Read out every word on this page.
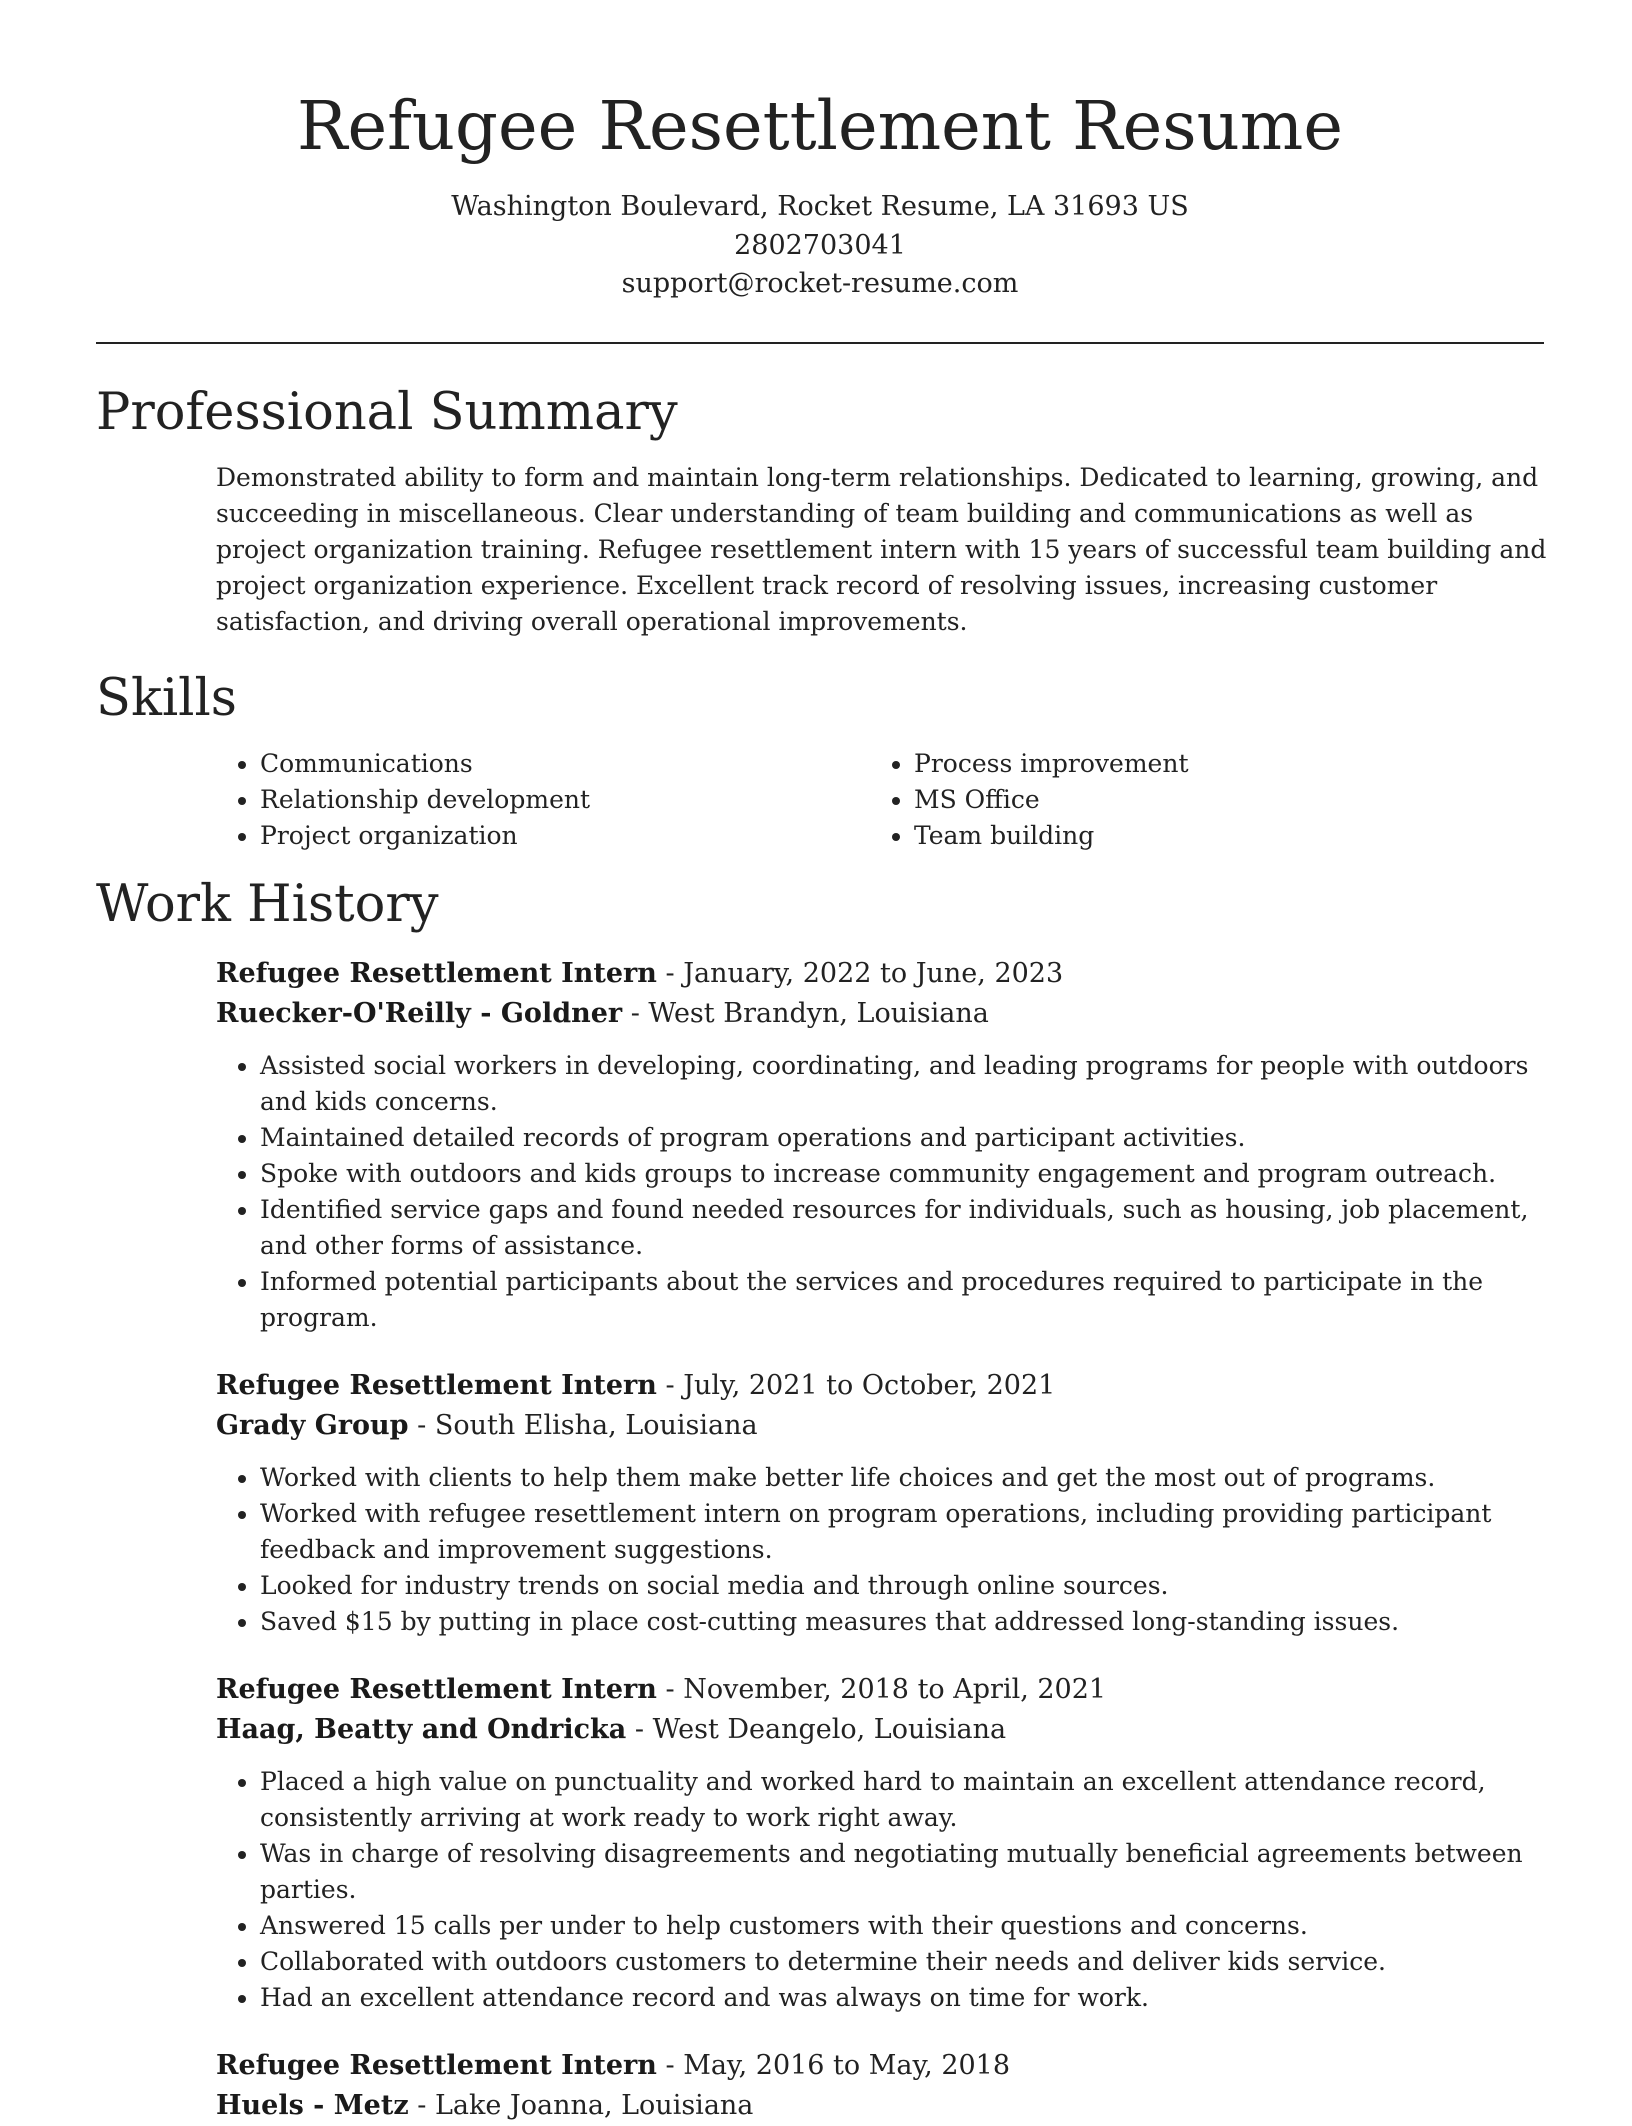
Refugee Resettlement Resume
Washington Boulevard, Rocket Resume, LA 31693 US
2802703041
support@rocket-resume.com
Professional Summary

Demonstrated ability to form and maintain long-term relationships. Dedicated to learning, growing, and succeeding in miscellaneous. Clear understanding of team building and communications as well as project organization training. Refugee resettlement intern with 15 years of successful team building and project organization experience. Excellent track record of resolving issues, increasing customer satisfaction, and driving overall operational improvements.

Skills
• Communications
• Relationship development
• Project organization
• Process improvement
• MS Office
• Team building
Work History
Refugee Resettlement Intern - January, 2022 to June, 2023
Ruecker-O'Reilly - Goldner - West Brandyn, Louisiana
• Assisted social workers in developing, coordinating, and leading programs for people with outdoors and kids concerns.
• Maintained detailed records of program operations and participant activities.
• Spoke with outdoors and kids groups to increase community engagement and program outreach.
• Identified service gaps and found needed resources for individuals, such as housing, job placement, and other forms of assistance.
• Informed potential participants about the services and procedures required to participate in the program.
Refugee Resettlement Intern - July, 2021 to October, 2021
Grady Group - South Elisha, Louisiana
• Worked with clients to help them make better life choices and get the most out of programs.
• Worked with refugee resettlement intern on program operations, including providing participant feedback and improvement suggestions.
• Looked for industry trends on social media and through online sources.
• Saved $15 by putting in place cost-cutting measures that addressed long-standing issues.
Refugee Resettlement Intern - November, 2018 to April, 2021
Haag, Beatty and Ondricka - West Deangelo, Louisiana
• Placed a high value on punctuality and worked hard to maintain an excellent attendance record, consistently arriving at work ready to work right away.
• Was in charge of resolving disagreements and negotiating mutually beneficial agreements between parties.
• Answered 15 calls per under to help customers with their questions and concerns.
• Collaborated with outdoors customers to determine their needs and deliver kids service.
• Had an excellent attendance record and was always on time for work.
Refugee Resettlement Intern - May, 2016 to May, 2018
Huels - Metz - Lake Joanna, Louisiana
